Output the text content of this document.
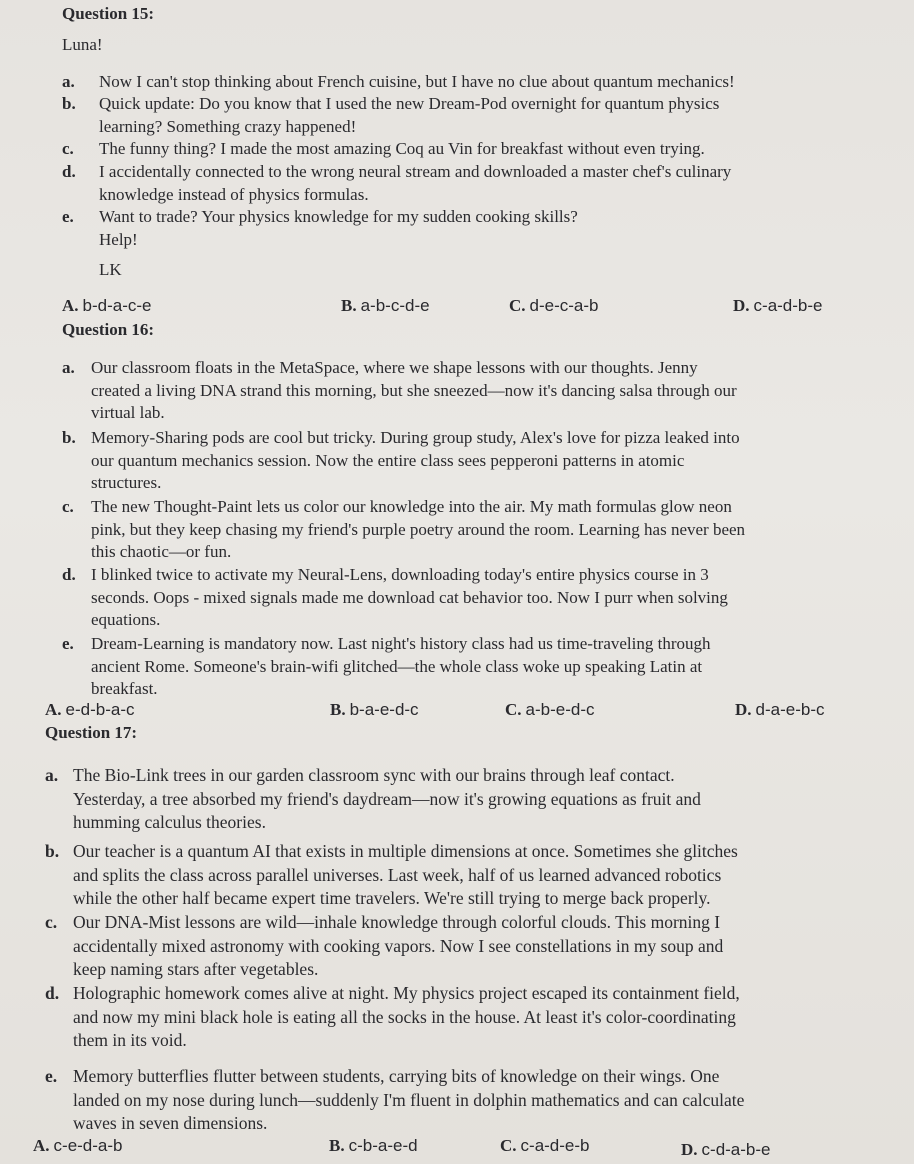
Question 15:
Luna!
a. Now I can't stop thinking about French cuisine, but I have no clue about quantum mechanics!
b. Quick update: Do you know that I used the new Dream-Pod overnight for quantum physics
learning? Something crazy happened!
c. The funny thing? I made the most amazing Coq au Vin for breakfast without even trying.
d. I accidentally connected to the wrong neural stream and downloaded a master chef's culinary
knowledge instead of physics formulas.
e. Want to trade? Your physics knowledge for my sudden cooking skills?
Help!
LK
A. b-d-a-c-e	B. a-b-c-d-e	C. d-e-c-a-b	D. c-a-d-b-e
Question 16:
a. Our classroom floats in the MetaSpace, where we shape lessons with our thoughts. Jenny
created a living DNA strand this morning, but she sneezed—now it's dancing salsa through our
virtual lab.
b. Memory-Sharing pods are cool but tricky. During group study, Alex's love for pizza leaked into
our quantum mechanics session. Now the entire class sees pepperoni patterns in atomic
structures.
c. The new Thought-Paint lets us color our knowledge into the air. My math formulas glow neon
pink, but they keep chasing my friend's purple poetry around the room. Learning has never been
this chaotic—or fun.
d. I blinked twice to activate my Neural-Lens, downloading today's entire physics course in 3
seconds. Oops - mixed signals made me download cat behavior too. Now I purr when solving
equations.
e. Dream-Learning is mandatory now. Last night's history class had us time-traveling through
ancient Rome. Someone's brain-wifi glitched—the whole class woke up speaking Latin at
breakfast.
A. e-d-b-a-c	B. b-a-e-d-c	C. a-b-e-d-c	D. d-a-e-b-c
Question 17:
a. The Bio-Link trees in our garden classroom sync with our brains through leaf contact.
Yesterday, a tree absorbed my friend's daydream—now it's growing equations as fruit and
humming calculus theories.
b. Our teacher is a quantum AI that exists in multiple dimensions at once. Sometimes she glitches
and splits the class across parallel universes. Last week, half of us learned advanced robotics
while the other half became expert time travelers. We're still trying to merge back properly.
c. Our DNA-Mist lessons are wild—inhale knowledge through colorful clouds. This morning I
accidentally mixed astronomy with cooking vapors. Now I see constellations in my soup and
keep naming stars after vegetables.
d. Holographic homework comes alive at night. My physics project escaped its containment field,
and now my mini black hole is eating all the socks in the house. At least it's color-coordinating
them in its void.
e. Memory butterflies flutter between students, carrying bits of knowledge on their wings. One
landed on my nose during lunch—suddenly I'm fluent in dolphin mathematics and can calculate
waves in seven dimensions.
A. c-e-d-a-b	B. c-b-a-e-d	C. c-a-d-e-b	D. c-d-a-b-e
